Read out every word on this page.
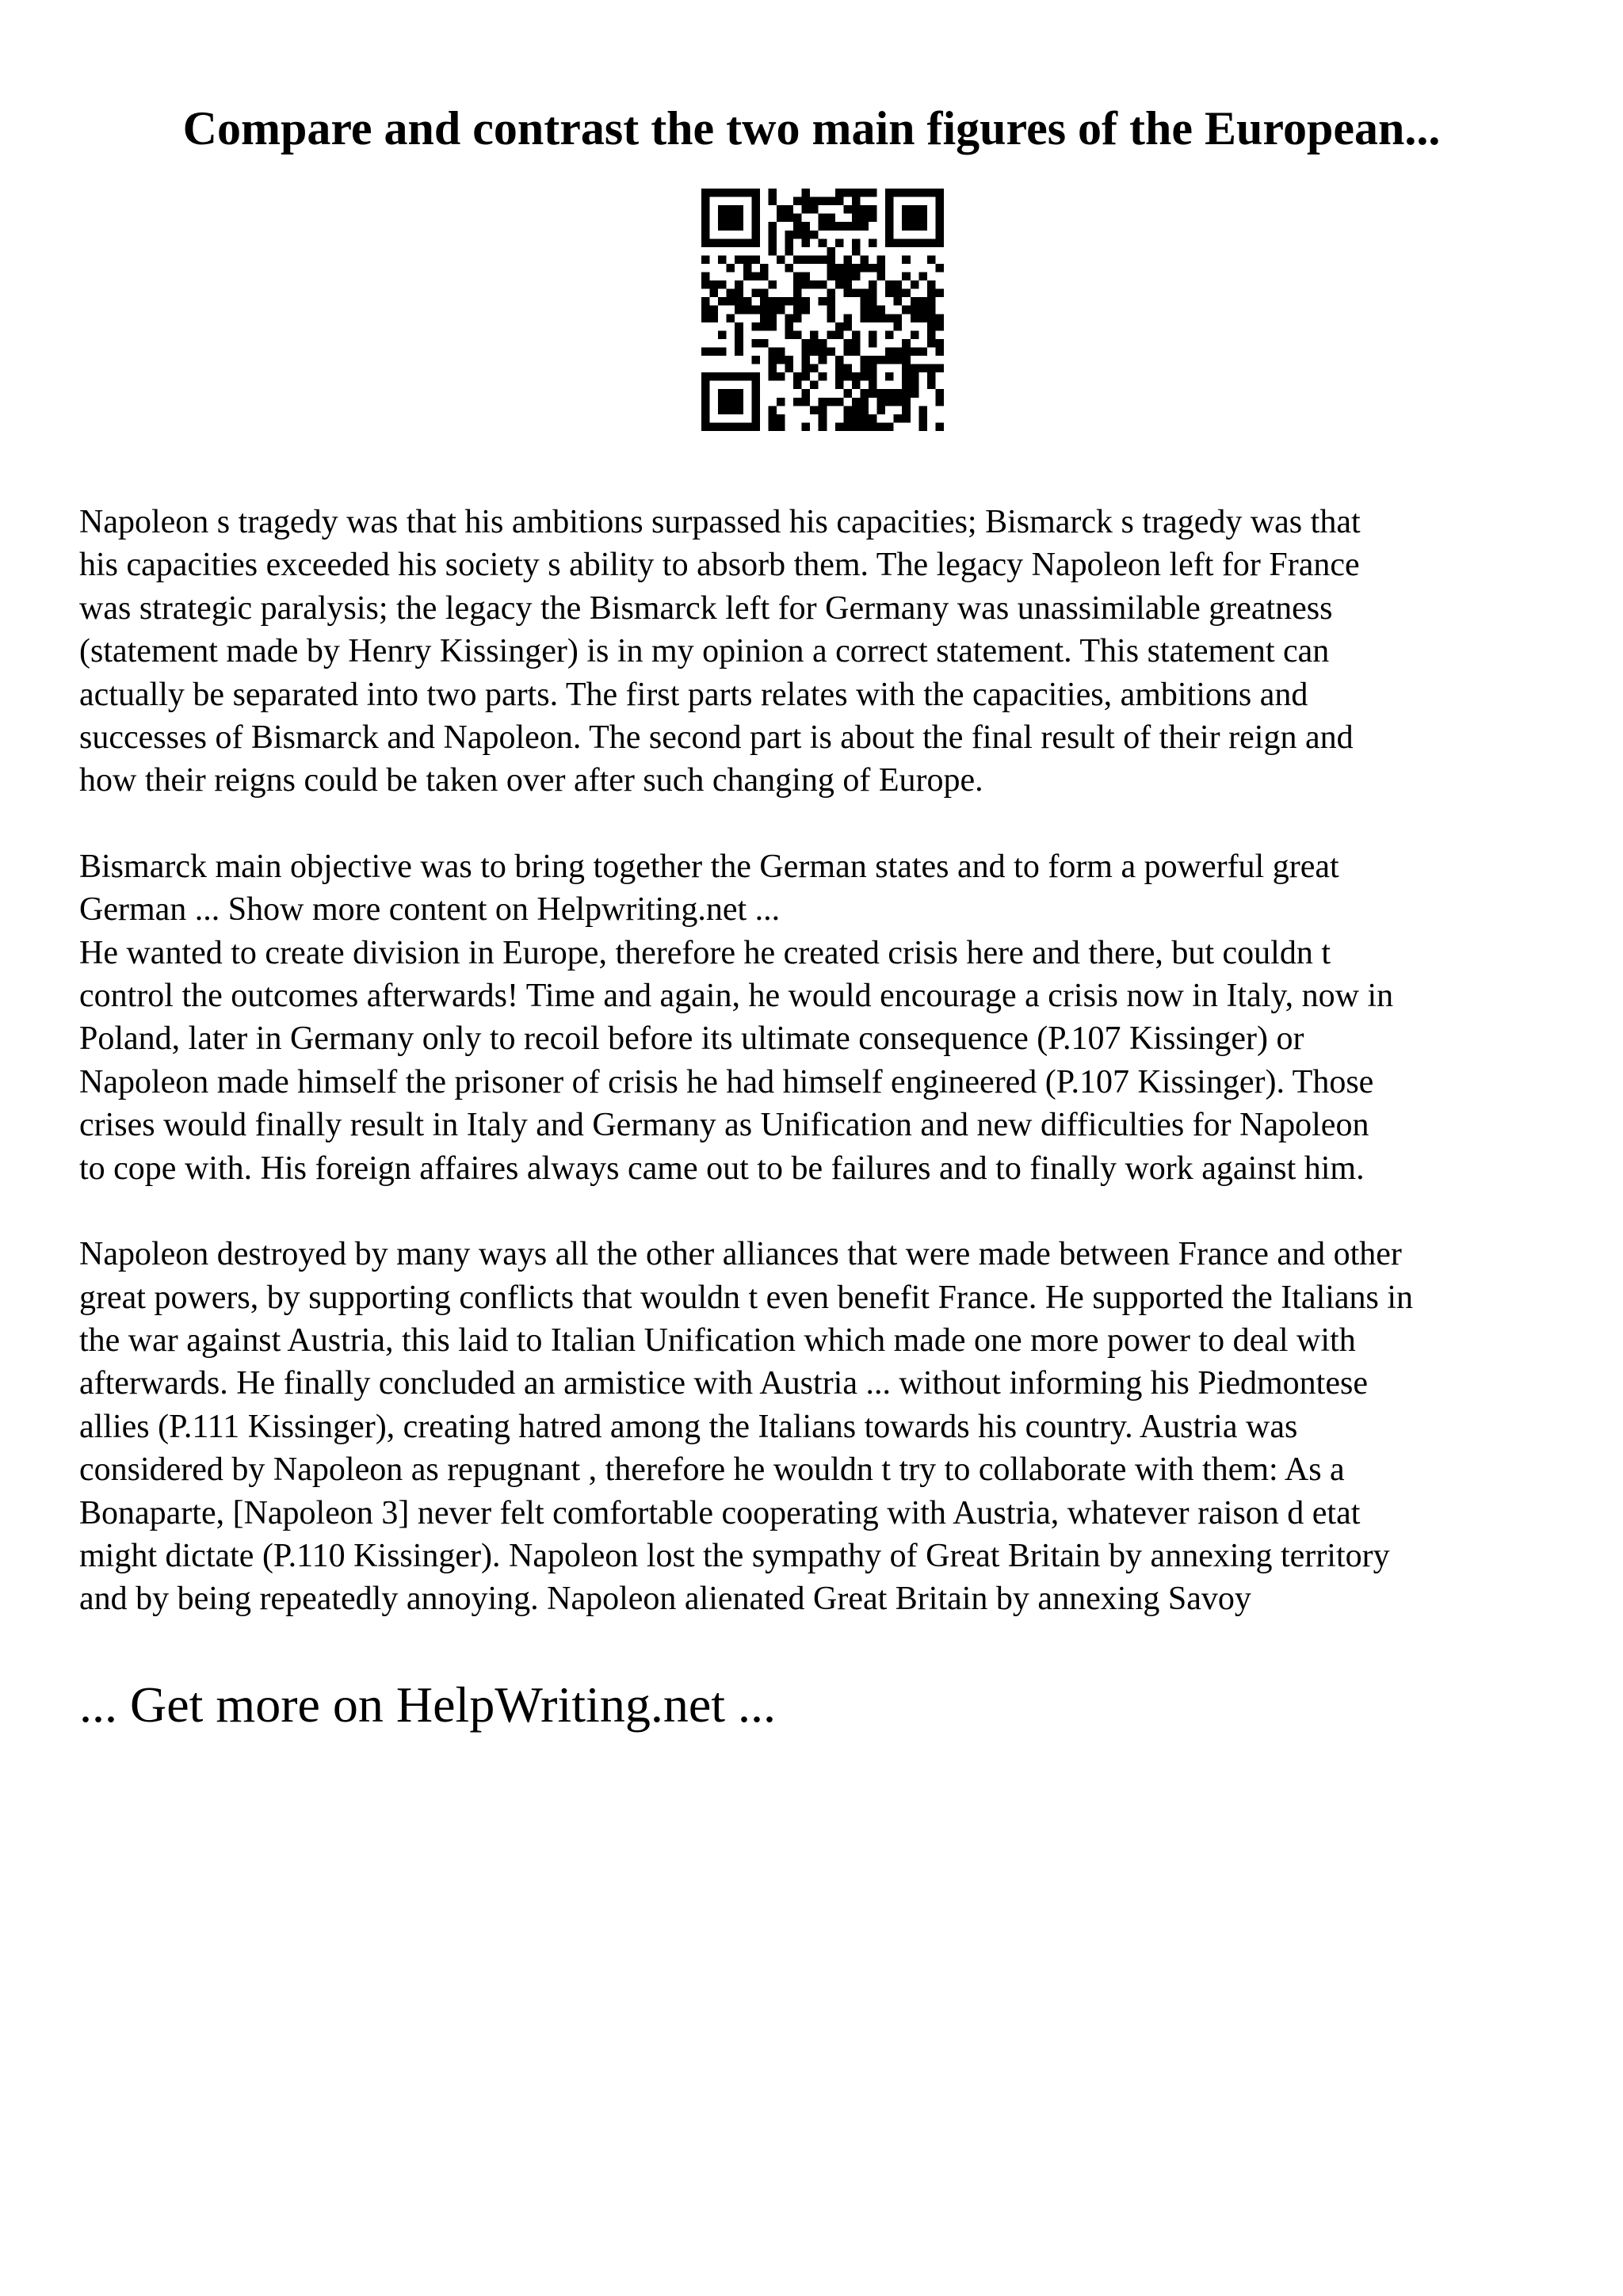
Compare and contrast the two main figures of the European...

Napoleon s tragedy was that his ambitions surpassed his capacities; Bismarck s tragedy was that
his capacities exceeded his society s ability to absorb them. The legacy Napoleon left for France
was strategic paralysis; the legacy the Bismarck left for Germany was unassimilable greatness
(statement made by Henry Kissinger) is in my opinion a correct statement. This statement can
actually be separated into two parts. The first parts relates with the capacities, ambitions and
successes of Bismarck and Napoleon. The second part is about the final result of their reign and
how their reigns could be taken over after such changing of Europe.

Bismarck main objective was to bring together the German states and to form a powerful great
German ... Show more content on Helpwriting.net ...
He wanted to create division in Europe, therefore he created crisis here and there, but couldn t
control the outcomes afterwards! Time and again, he would encourage a crisis now in Italy, now in
Poland, later in Germany only to recoil before its ultimate consequence (P.107 Kissinger) or
Napoleon made himself the prisoner of crisis he had himself engineered (P.107 Kissinger). Those
crises would finally result in Italy and Germany as Unification and new difficulties for Napoleon
to cope with. His foreign affaires always came out to be failures and to finally work against him.

Napoleon destroyed by many ways all the other alliances that were made between France and other
great powers, by supporting conflicts that wouldn t even benefit France. He supported the Italians in
the war against Austria, this laid to Italian Unification which made one more power to deal with
afterwards. He finally concluded an armistice with Austria ... without informing his Piedmontese
allies (P.111 Kissinger), creating hatred among the Italians towards his country. Austria was
considered by Napoleon as repugnant , therefore he wouldn t try to collaborate with them: As a
Bonaparte, [Napoleon 3] never felt comfortable cooperating with Austria, whatever raison d etat
might dictate (P.110 Kissinger). Napoleon lost the sympathy of Great Britain by annexing territory
and by being repeatedly annoying. Napoleon alienated Great Britain by annexing Savoy

... Get more on HelpWriting.net ...
